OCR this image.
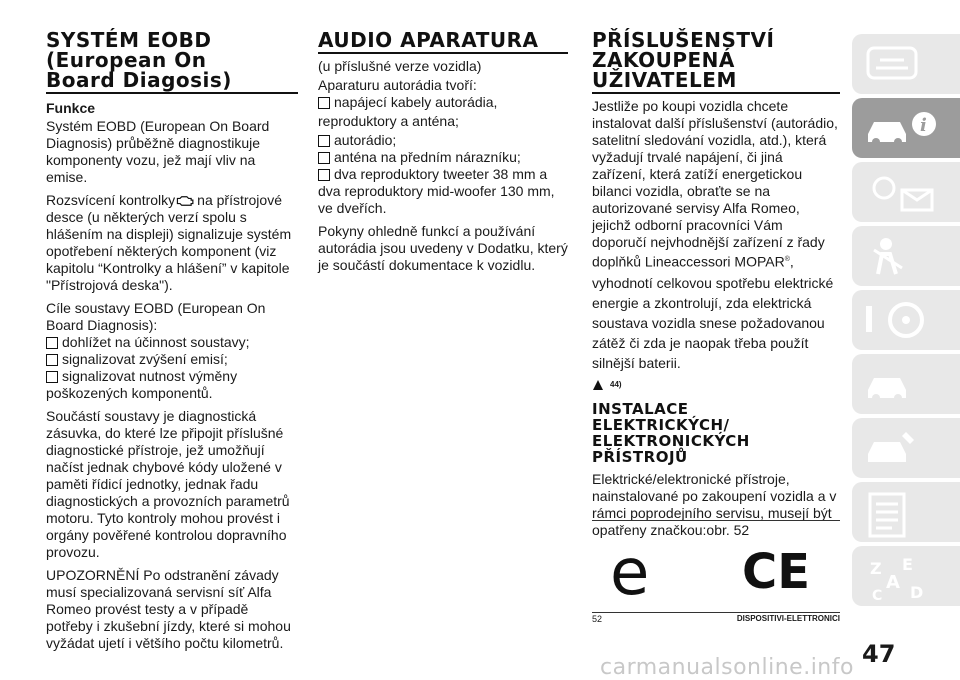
SYSTÉM EOBD
(European On
Board Diagosis)
Funkce

Systém EOBD (European On Board Diagnosis) průběžně diagnostikuje komponenty vozu, jež mají vliv na emise.

Rozsvícení kontrolky na přístrojové desce (u některých verzí spolu s hlášením na displeji) signalizuje systém opotřebení některých komponent (viz kapitolu “Kontrolky a hlášení” v kapitole "Přístrojová deska").

Cíle soustavy EOBD (European On Board Diagnosis):

dohlížet na účinnost soustavy;
signalizovat zvýšení emisí;
signalizovat nutnost výměny

poškozených komponentů.

Součástí soustavy je diagnostická zásuvka, do které lze připojit příslušné diagnostické přístroje, jež umožňují načíst jednak chybové kódy uložené v paměti řídicí jednotky, jednak řadu diagnostických a provozních parametrů motoru. Tyto kontroly mohou provést i orgány pověřené kontrolou dopravního provozu.

UPOZORNĚNÍ Po odstranění závady musí specializovaná servisní síť Alfa Romeo provést testy a v případě potřeby i zkušební jízdy, které si mohou vyžádat ujetí i většího počtu kilometrů.

AUDIO APARATURA

(u příslušné verze vozidla)

Aparaturu autorádia tvoří:

napájecí kabely autorádia,

reproduktory a anténa;

autorádio;
anténa na předním nárazníku;
dva reproduktory tweeter 38 mm a

dva reproduktory mid-woofer 130 mm, ve dveřích.

Pokyny ohledně funkcí a používání autorádia jsou uvedeny v Dodatku, který je součástí dokumentace k vozidlu.

PŘÍSLUŠENSTVÍ
ZAKOUPENÁ
UŽIVATELEM

Jestliže po koupi vozidla chcete instalovat další příslušenství (autorádio, satelitní sledování vozidla, atd.), která vyžadují trvalé napájení, či jiná zařízení, která zatíží energetickou bilanci vozidla, obraťte se na autorizované servisy Alfa Romeo, jejichž odborní pracovníci Vám doporučí nejvhodnější zařízení z řady doplňků Lineaccessori MOPAR®,

vyhodnotí celkovou spotřebu elektrické energie a zkontrolují, zda elektrická soustava vozidla snese požadovanou zátěž či zda je naopak třeba použít silnější baterii.

44)
INSTALACE
ELEKTRICKÝCH/
ELEKTRONICKÝCH
PŘÍSTROJŮ

Elektrické/elektronické přístroje, nainstalované po zakoupení vozidla a v rámci poprodejního servisu, musejí být opatřeny značkou:obr. 52

e CE
52	DISPOSITIVI-ELETTRONICI
i
Z E
A
C D
47
carmanualsonline.info
